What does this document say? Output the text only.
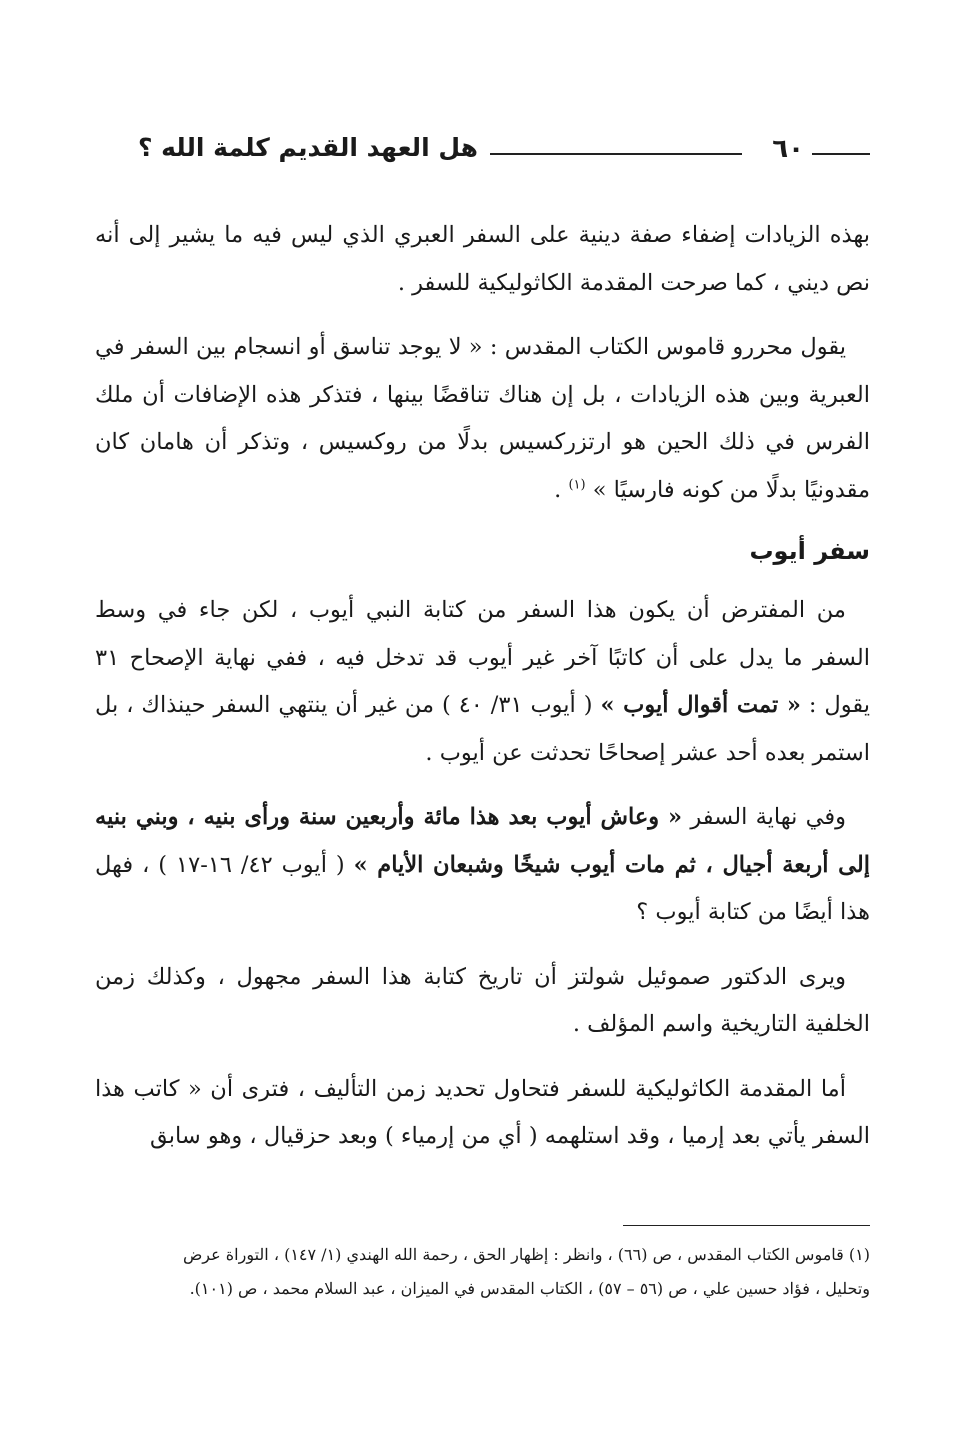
٦٠
هل العهد القديم كلمة الله ؟

بهذه الزيادات إضفاء صفة دينية على السفر العبري الذي ليس فيه ما يشير إلى أنه نص ديني ، كما صرحت المقدمة الكاثوليكية للسفر .

يقول محررو قاموس الكتاب المقدس : « لا يوجد تناسق أو انسجام بين السفر في العبرية وبين هذه الزيادات ، بل إن هناك تناقضًا بينها ، فتذكر هذه الإضافات أن ملك الفرس في ذلك الحين هو ارتزركسيس بدلًا من روكسيس ، وتذكر أن هامان كان مقدونيًا بدلًا من كونه فارسيًا » $^{(١)}$ .

سفر أيوب

من المفترض أن يكون هذا السفر من كتابة النبي أيوب ، لكن جاء في وسط السفر ما يدل على أن كاتبًا آخر غير أيوب قد تدخل فيه ، ففي نهاية الإصحاح ٣١ يقول : « تمت أقوال أيوب » ( أيوب ٣١/ ٤٠ ) من غير أن ينتهي السفر حينذاك ، بل استمر بعده أحد عشر إصحاحًا تحدثت عن أيوب .

وفي نهاية السفر « وعاش أيوب بعد هذا مائة وأربعين سنة ورأى بنيه ، وبني بنيه إلى أربعة أجيال ، ثم مات أيوب شيخًا وشبعان الأيام » ( أيوب ٤٢/ ١٦-١٧ ) ، فهل هذا أيضًا من كتابة أيوب ؟

ويرى الدكتور صموئيل شولتز أن تاريخ كتابة هذا السفر مجهول ، وكذلك زمن الخلفية التاريخية واسم المؤلف .

أما المقدمة الكاثوليكية للسفر فتحاول تحديد زمن التأليف ، فترى أن « كاتب هذا السفر يأتي بعد إرميا ، وقد استلهمه ( أي من إرمياء ) وبعد حزقيال ، وهو سابق

(١) قاموس الكتاب المقدس ، ص (٦٦) ، وانظر : إظهار الحق ، رحمة الله الهندي (١/ ١٤٧) ، التوراة عرض

وتحليل ، فؤاد حسين علي ، ص (٥٦ – ٥٧) ، الكتاب المقدس في الميزان ، عبد السلام محمد ، ص (١٠١).
